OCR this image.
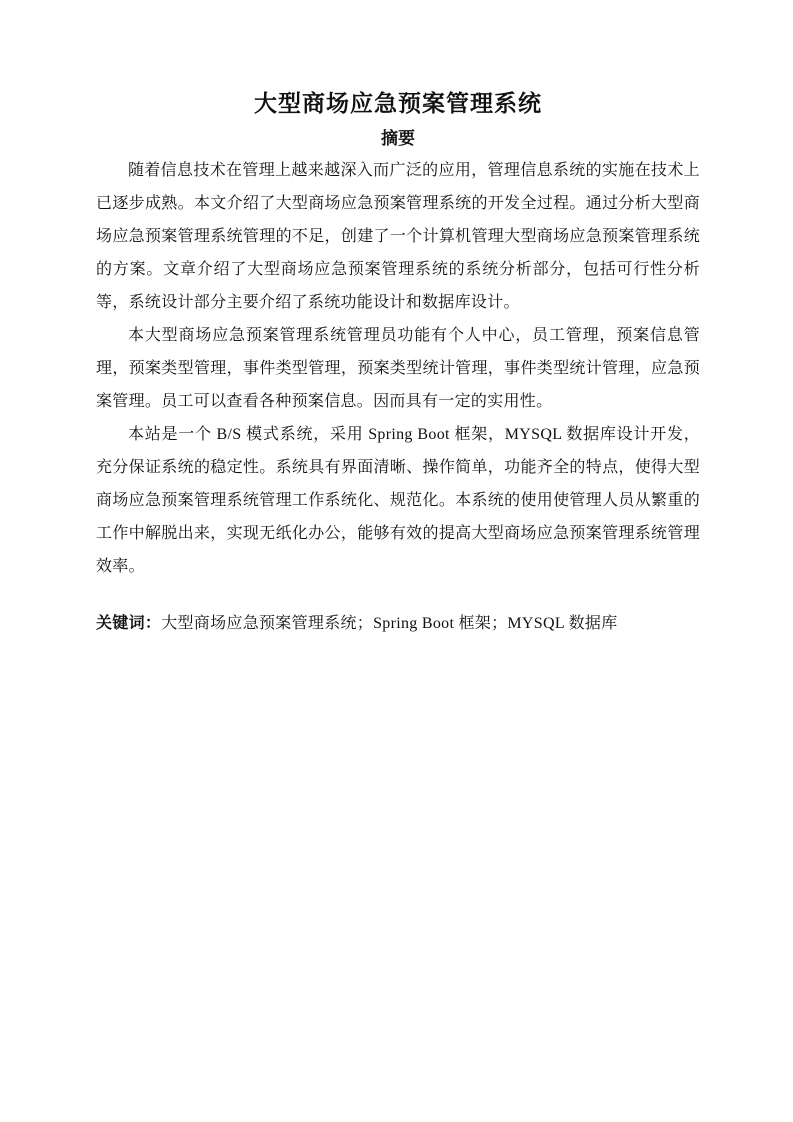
大型商场应急预案管理系统
摘要

随着信息技术在管理上越来越深入而广泛的应用，管理信息系统的实施在技术上已逐步成熟。本文介绍了大型商场应急预案管理系统的开发全过程。通过分析大型商场应急预案管理系统管理的不足，创建了一个计算机管理大型商场应急预案管理系统的方案。文章介绍了大型商场应急预案管理系统的系统分析部分，包括可行性分析等，系统设计部分主要介绍了系统功能设计和数据库设计。

本大型商场应急预案管理系统管理员功能有个人中心，员工管理，预案信息管理，预案类型管理，事件类型管理，预案类型统计管理，事件类型统计管理，应急预案管理。员工可以查看各种预案信息。因而具有一定的实用性。

本站是一个 B/S 模式系统，采用 Spring Boot 框架，MYSQL 数据库设计开发，充分保证系统的稳定性。系统具有界面清晰、操作简单，功能齐全的特点，使得大型商场应急预案管理系统管理工作系统化、规范化。本系统的使用使管理人员从繁重的工作中解脱出来，实现无纸化办公，能够有效的提高大型商场应急预案管理系统管理效率。

关键词：大型商场应急预案管理系统；Spring Boot 框架；MYSQL 数据库
